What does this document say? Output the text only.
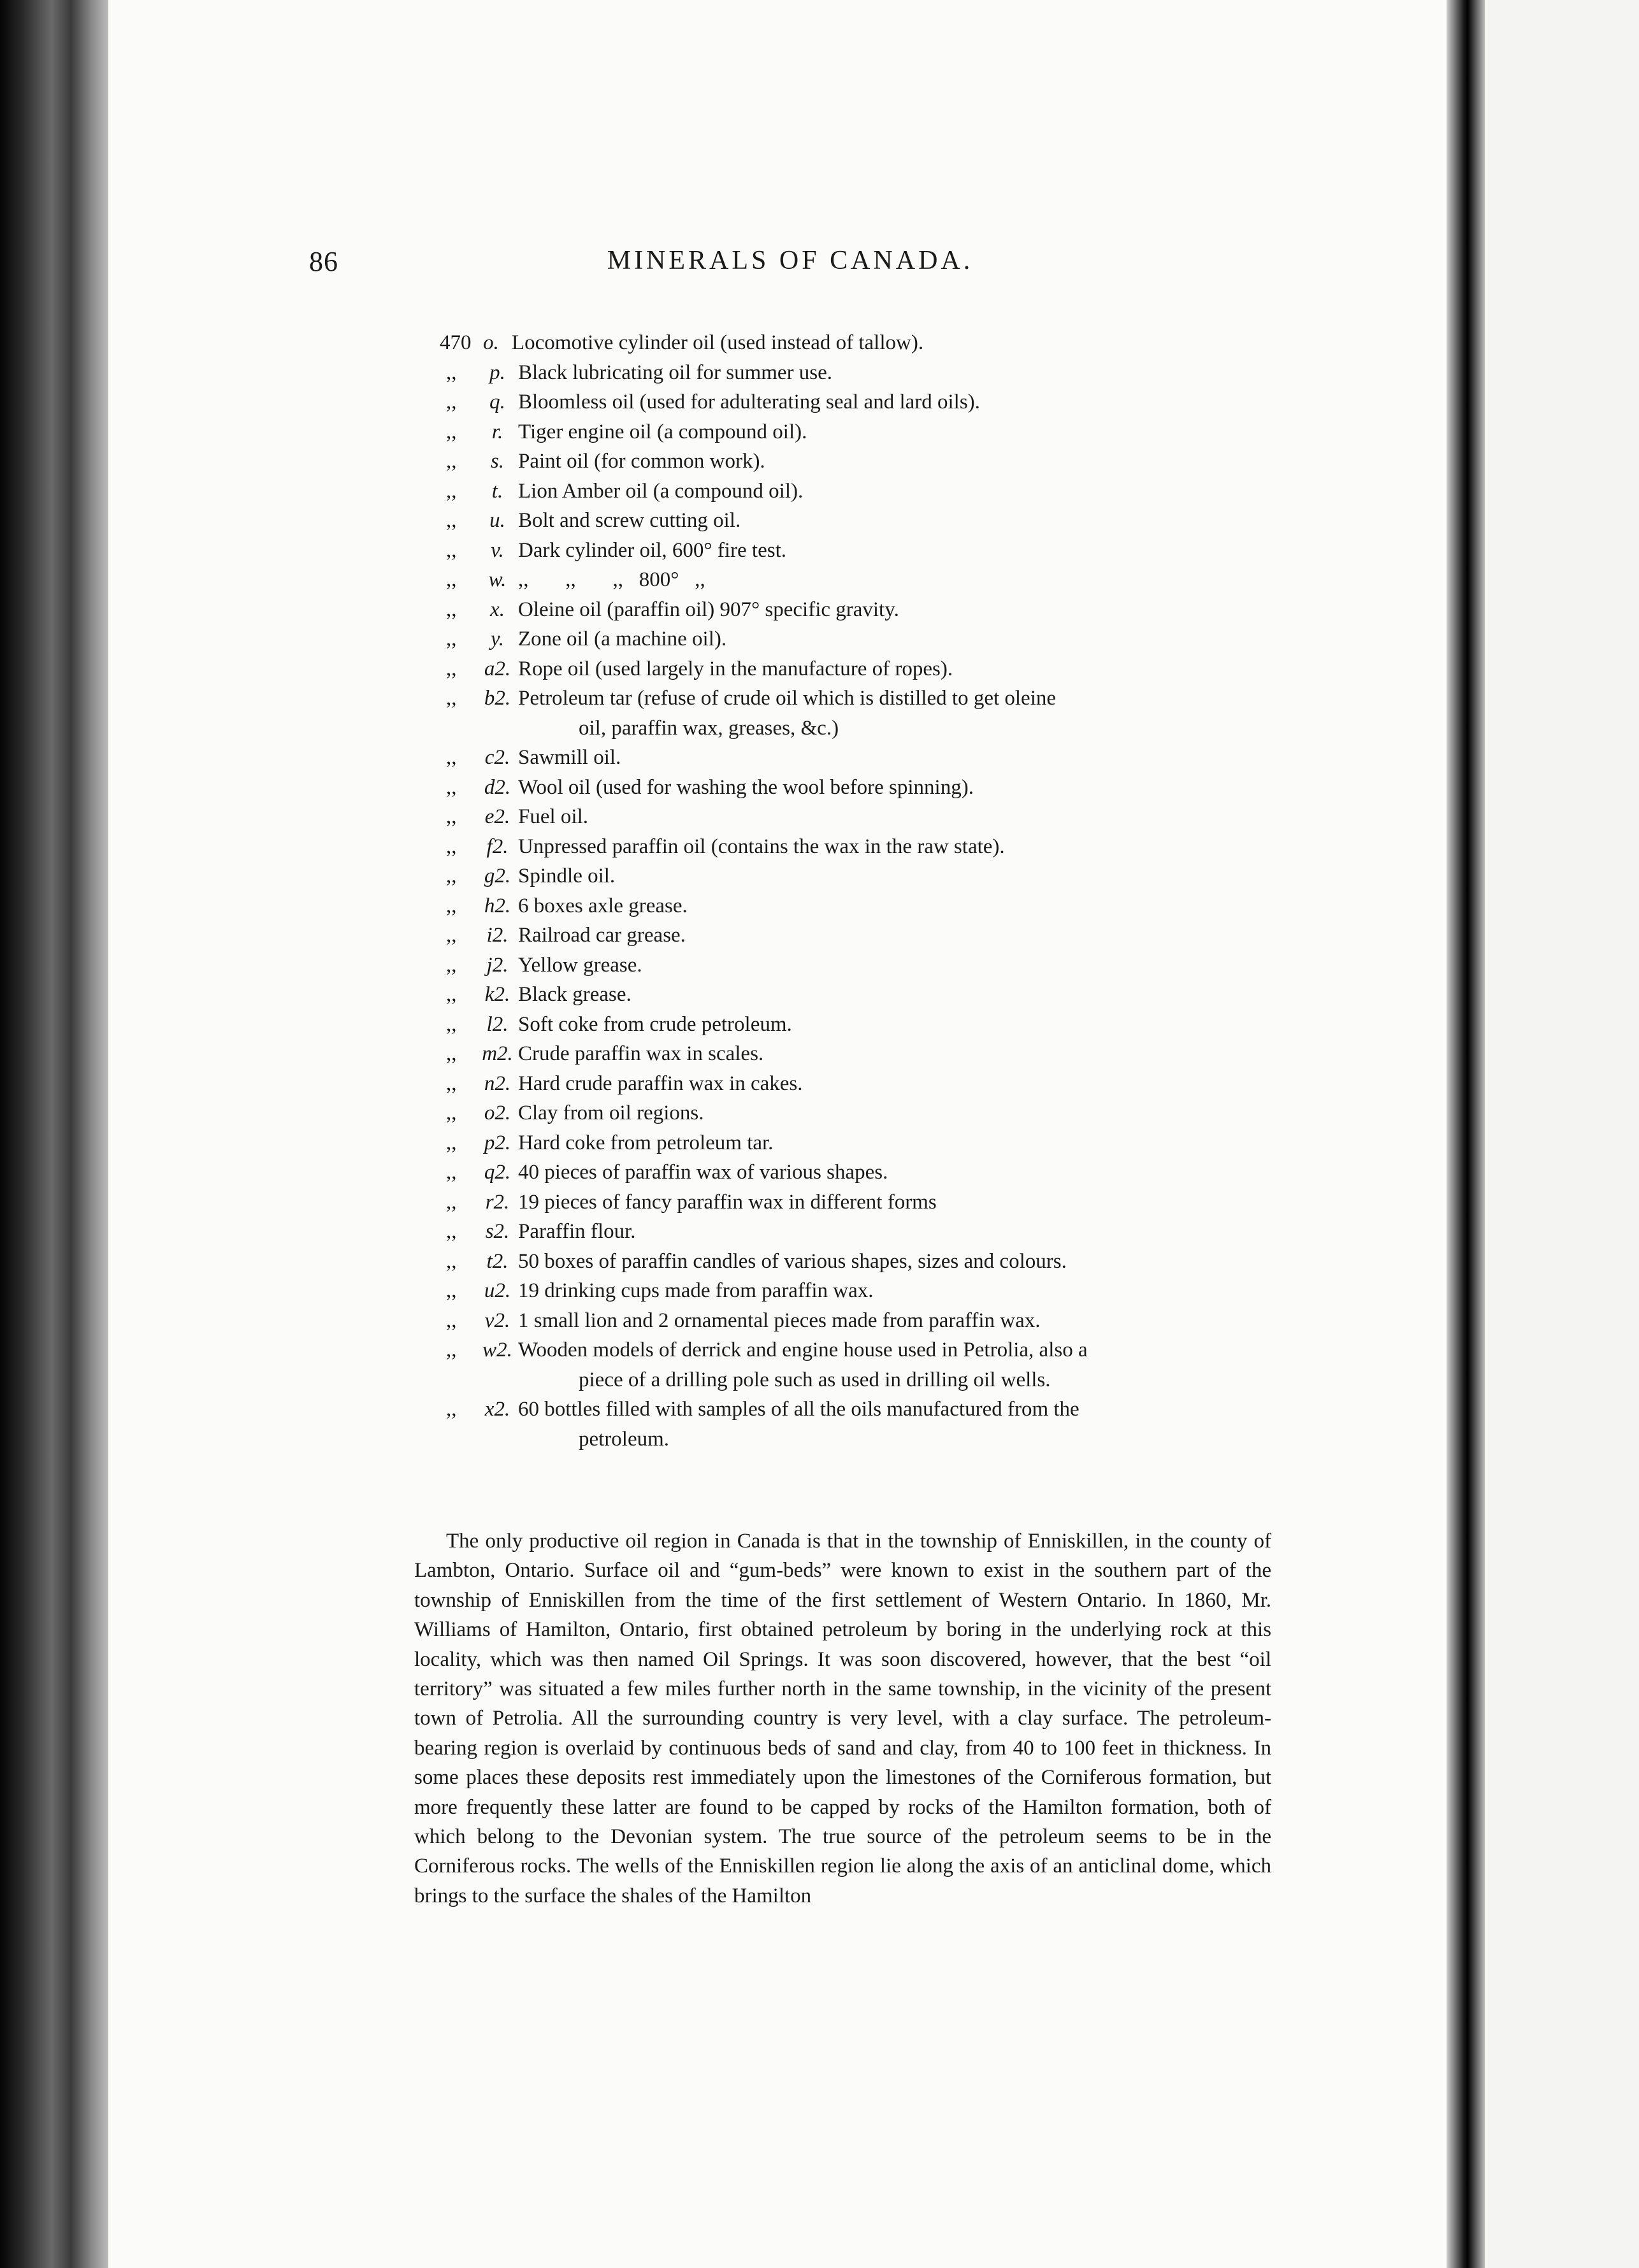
86	MINERALS OF CANADA.
470 o. Locomotive cylinder oil (used instead of tallow).
,,	p. Black lubricating oil for summer use.
,,	q. Bloomless oil (used for adulterating seal and lard oils).
,,	r. Tiger engine oil (a compound oil).
,,	s. Paint oil (for common work).
,,	t. Lion Amber oil (a compound oil).
,,	u. Bolt and screw cutting oil.
,,	v. Dark cylinder oil, 600° fire test.
,,	w. ,,       ,,       ,,   800°   ,,
,,	x. Oleine oil (paraffin oil) 907° specific gravity.
,,	y. Zone oil (a machine oil).
,,	a2. Rope oil (used largely in the manufacture of ropes).
,,	b2. Petroleum tar (refuse of crude oil which is distilled to get oleine
oil, paraffin wax, greases, &c.)
,,	c2. Sawmill oil.
,,	d2. Wool oil (used for washing the wool before spinning).
,,	e2. Fuel oil.
,,	f2. Unpressed paraffin oil (contains the wax in the raw state).
,,	g2. Spindle oil.
,,	h2. 6 boxes axle grease.
,,	i2. Railroad car grease.
,,	j2. Yellow grease.
,,	k2. Black grease.
,,	l2. Soft coke from crude petroleum.
,,	m2. Crude paraffin wax in scales.
,,	n2. Hard crude paraffin wax in cakes.
,,	o2. Clay from oil regions.
,,	p2. Hard coke from petroleum tar.
,,	q2. 40 pieces of paraffin wax of various shapes.
,,	r2. 19 pieces of fancy paraffin wax in different forms
,,	s2. Paraffin flour.
,,	t2. 50 boxes of paraffin candles of various shapes, sizes and colours.
,,	u2. 19 drinking cups made from paraffin wax.
,,	v2. 1 small lion and 2 ornamental pieces made from paraffin wax.
,,	w2. Wooden models of derrick and engine house used in Petrolia, also a
piece of a drilling pole such as used in drilling oil wells.
,,	x2. 60 bottles filled with samples of all the oils manufactured from the
petroleum.

The only productive oil region in Canada is that in the township of Enniskillen, in the county of Lambton, Ontario. Surface oil and “gum-beds” were known to exist in the southern part of the township of Enniskillen from the time of the first settlement of Western Ontario. In 1860, Mr. Williams of Hamilton, Ontario, first obtained petroleum by boring in the underlying rock at this locality, which was then named Oil Springs. It was soon discovered, however, that the best “oil territory” was situated a few miles further north in the same township, in the vicinity of the present town of Petrolia. All the surrounding country is very level, with a clay surface. The petroleum-bearing region is overlaid by continuous beds of sand and clay, from 40 to 100 feet in thickness. In some places these deposits rest immediately upon the limestones of the Corniferous formation, but more frequently these latter are found to be capped by rocks of the Hamilton formation, both of which belong to the Devonian system. The true source of the petroleum seems to be in the Corniferous rocks. The wells of the Enniskillen region lie along the axis of an anticlinal dome, which brings to the surface the shales of the Hamilton
